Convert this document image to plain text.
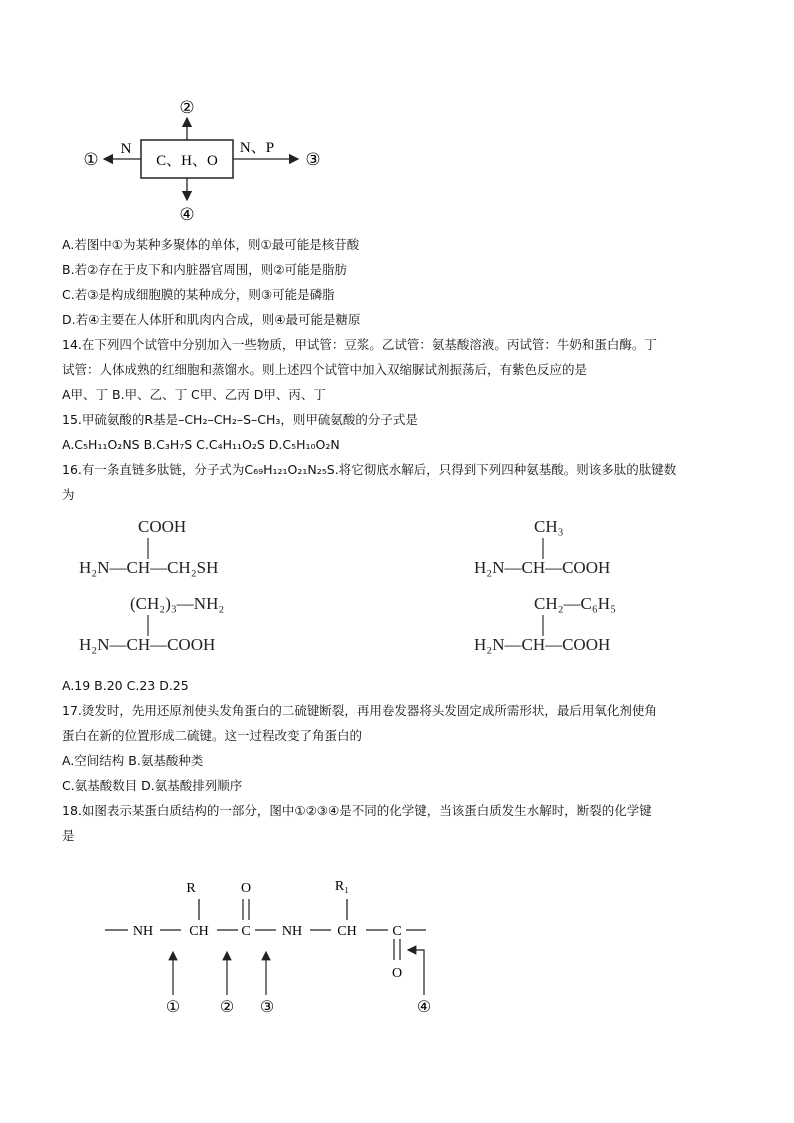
C、H、O
②
④
①	③
N	N、P
NH	CH C NH	CH	C
R	O	R₁
O
① ② ③	④
A.若图中①为某种多聚体的单体，则①最可能是核苷酸
B.若②存在于皮下和内脏器官周围，则②可能是脂肪
C.若③是构成细胞膜的某种成分，则③可能是磷脂
D.若④主要在人体肝和肌肉内合成，则④最可能是糖原
14.在下列四个试管中分别加入一些物质，甲试管：豆浆。乙试管：氨基酸溶液。丙试管：牛奶和蛋白酶。丁
试管：人体成熟的红细胞和蒸馏水。则上述四个试管中加入双缩脲试剂振荡后，有紫色反应的是
A甲、丁 B.甲、乙、丁 C甲、乙丙 D甲、丙、丁
15.甲硫氨酸的R基是–CH₂–CH₂–S–CH₃，则甲硫氨酸的分子式是
A.C₅H₁₁O₂NS B.C₃H₇S C.C₄H₁₁O₂S D.C₅H₁₀O₂N
16.有一条直链多肽链，分子式为C₆₉H₁₂₁O₂₁N₂₅S.将它彻底水解后，只得到下列四种氨基酸。则该多肽的肽键数
为
COOH
H₂N—CH—CH₂SH
CH₃
H₂N—CH—COOH
(CH₂)₃—NH₂
H₂N—CH—COOH
CH₂—C₆H₅
H₂N—CH—COOH
A.19 B.20 C.23 D.25
17.烫发时，先用还原剂使头发角蛋白的二硫键断裂，再用卷发器将头发固定成所需形状，最后用氧化剂使角
蛋白在新的位置形成二硫键。这一过程改变了角蛋白的
A.空间结构 B.氨基酸种类
C.氨基酸数目 D.氨基酸排列顺序
18.如图表示某蛋白质结构的一部分，图中①②③④是不同的化学键，当该蛋白质发生水解时，断裂的化学键
是
